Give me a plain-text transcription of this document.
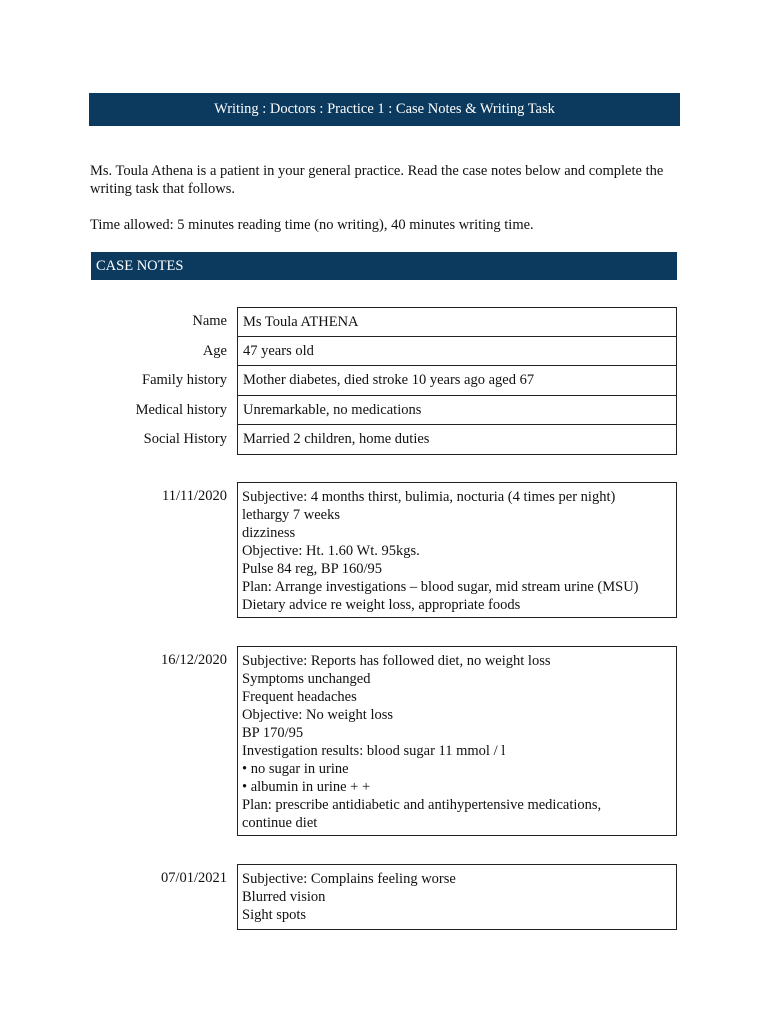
Writing : Doctors : Practice 1 : Case Notes & Writing Task
Ms. Toula Athena is a patient in your general practice. Read the case notes below and complete the writing task that follows.
Time allowed: 5 minutes reading time (no writing), 40 minutes writing time.
CASE NOTES
Name	Ms Toula ATHENA
Age	47 years old
Family history	Mother diabetes, died stroke 10 years ago aged 67
Medical history	Unremarkable, no medications
Social History	Married 2 children, home duties
11/11/2020	Subjective: 4 months thirst, bulimia, nocturia (4 times per night)
lethargy 7 weeks
dizziness
Objective: Ht. 1.60 Wt. 95kgs.
Pulse 84 reg, BP 160/95
Plan: Arrange investigations – blood sugar, mid stream urine (MSU)
Dietary advice re weight loss, appropriate foods
16/12/2020	Subjective: Reports has followed diet, no weight loss
Symptoms unchanged
Frequent headaches
Objective: No weight loss
BP 170/95
Investigation results: blood sugar 11 mmol / l
• no sugar in urine
• albumin in urine + +
Plan: prescribe antidiabetic and antihypertensive medications,
continue diet
07/01/2021	Subjective: Complains feeling worse
Blurred vision
Sight spots
